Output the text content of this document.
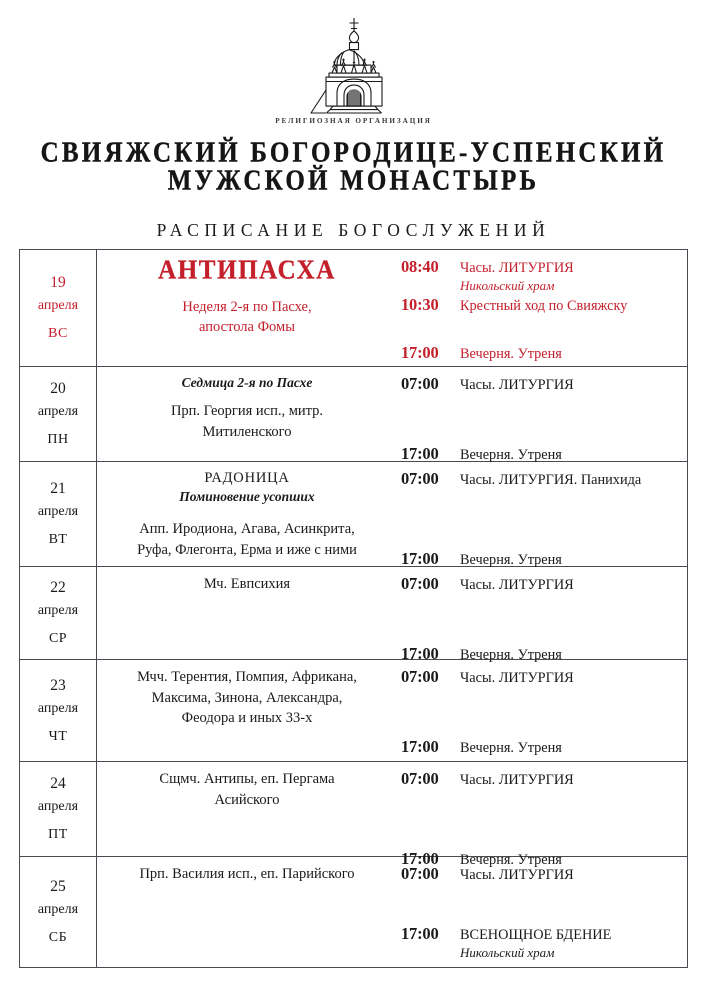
РЕЛИГИОЗНАЯ ОРГАНИЗАЦИЯ
СВИЯЖСКИЙ БОГОРОДИЦЕ-УСПЕНСКИЙ
МУЖСКОЙ МОНАСТЫРЬ
РАСПИСАНИЕ БОГОСЛУЖЕНИЙ
19
апреля
ВС
АНТИПАСХА
Неделя 2-я по Пасхе,
апостола Фомы
08:40	Часы. ЛИТУРГИЯ
Никольский храм
10:30	Крестный ход по Свияжску
17:00	Вечерня. Утреня
20
апреля
ПН
Седмица 2-я по Пасхе
Прп. Георгия исп., митр.
Митиленского
07:00	Часы. ЛИТУРГИЯ
17:00	Вечерня. Утреня
21
апреля
ВТ
РАДОНИЦА
Поминовение усопших
Апп. Иродиона, Агава, Асинкрита,
Руфа, Флегонта, Ерма и иже с ними
07:00	Часы. ЛИТУРГИЯ. Панихида
17:00	Вечерня. Утреня
22
апреля
СР
Мч. Евпсихия	07:00	Часы. ЛИТУРГИЯ
17:00	Вечерня. Утреня
23
апреля
ЧТ
Мчч. Терентия, Помпия, Африкана,
Максима, Зинона, Александра,
Феодора и иных 33-х
07:00	Часы. ЛИТУРГИЯ
17:00	Вечерня. Утреня
24
апреля
ПТ
Сщмч. Антипы, еп. Пергама
Асийского
07:00	Часы. ЛИТУРГИЯ
17:00	Вечерня. Утреня
25
апреля
СБ
Прп. Василия исп., еп. Парийского	07:00	Часы. ЛИТУРГИЯ
17:00	ВСЕНОЩНОЕ БДЕНИЕ
Никольский храм
